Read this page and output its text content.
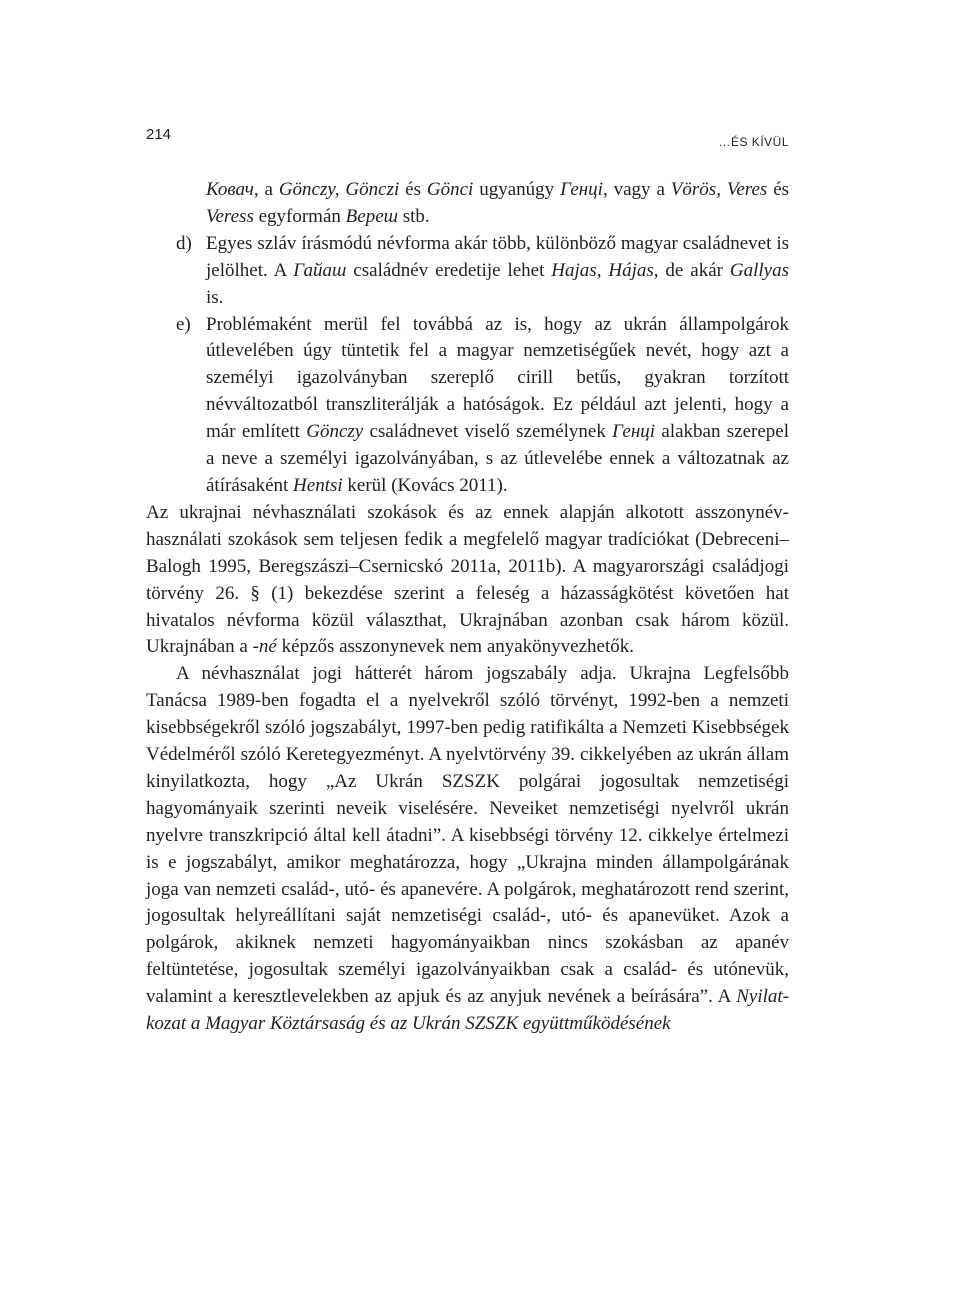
214	…ÉS KÍVÜL

Ковач, a Gönczy, Gönczi és Gönci ugyanúgy Генці, vagy a Vörös, Veres és Veress egyformán Вереш stb.

d) Egyes szláv írásmódú névforma akár több, különböző magyar családnevet is jelölhet. A Гайаш családnév eredetije lehet Hajas, Hájas, de akár Gallyas is.

e) Problémaként merül fel továbbá az is, hogy az ukrán állampolgárok útlevelében úgy tüntetik fel a magyar nemzetiségűek nevét, hogy azt a személyi igazolványban szereplő cirill betűs, gyakran torzított névváltozatból transzliterálják a hatóságok. Ez például azt jelenti, hogy a már említett Gönczy családnevet viselő személynek Генці alakban szerepel a neve a személyi igazolványában, s az útlevelébe ennek a változatnak az átírásaként Hentsi kerül (Kovács 2011).

Az ukrajnai névhasználati szokások és az ennek alapján alkotott asszonynév-használati szokások sem teljesen fedik a megfelelő magyar tradíciókat (Debreceni–Balogh 1995, Beregszászi–Csernicskó 2011a, 2011b). A magyarországi családjogi törvény 26. § (1) bekezdése szerint a feleség a házasságkötést követően hat hivatalos névforma közül választhat, Ukrajnában azonban csak három közül. Ukrajnában a -né képzős asszonynevek nem anyakönyvezhetők.

A névhasználat jogi hátterét három jogszabály adja. Ukrajna Legfelsőbb Tanácsa 1989-ben fogadta el a nyelvekről szóló törvényt, 1992-ben a nemzeti kisebbségekről szóló jogszabályt, 1997-ben pedig ratifikálta a Nemzeti Kisebbségek Védelméről szóló Keretegyezményt. A nyelvtörvény 39. cikkelyében az ukrán állam kinyilatkozta, hogy „Az Ukrán SZSZK polgárai jogosultak nemzetiségi hagyományaik szerinti neveik viselésére. Neveiket nemzetiségi nyelvről ukrán nyelvre transzkripció által kell átadni”. A kisebbségi törvény 12. cikkelye értelmezi is e jogszabályt, amikor meghatározza, hogy „Ukrajna minden állampolgárának joga van nemzeti család-, utó- és apanevére. A polgárok, meghatározott rend szerint, jogosultak helyreállítani saját nemzetiségi család-, utó- és apanevüket. Azok a polgárok, akiknek nemzeti hagyományaikban nincs szokásban az apanév feltüntetése, jogosultak személyi igazolványaikban csak a család- és utónevük, valamint a keresztlevelekben az apjuk és az anyjuk nevének a beírására”. A Nyilatkozat a Magyar Köztársaság és az Ukrán SZSZK együttműködésének
